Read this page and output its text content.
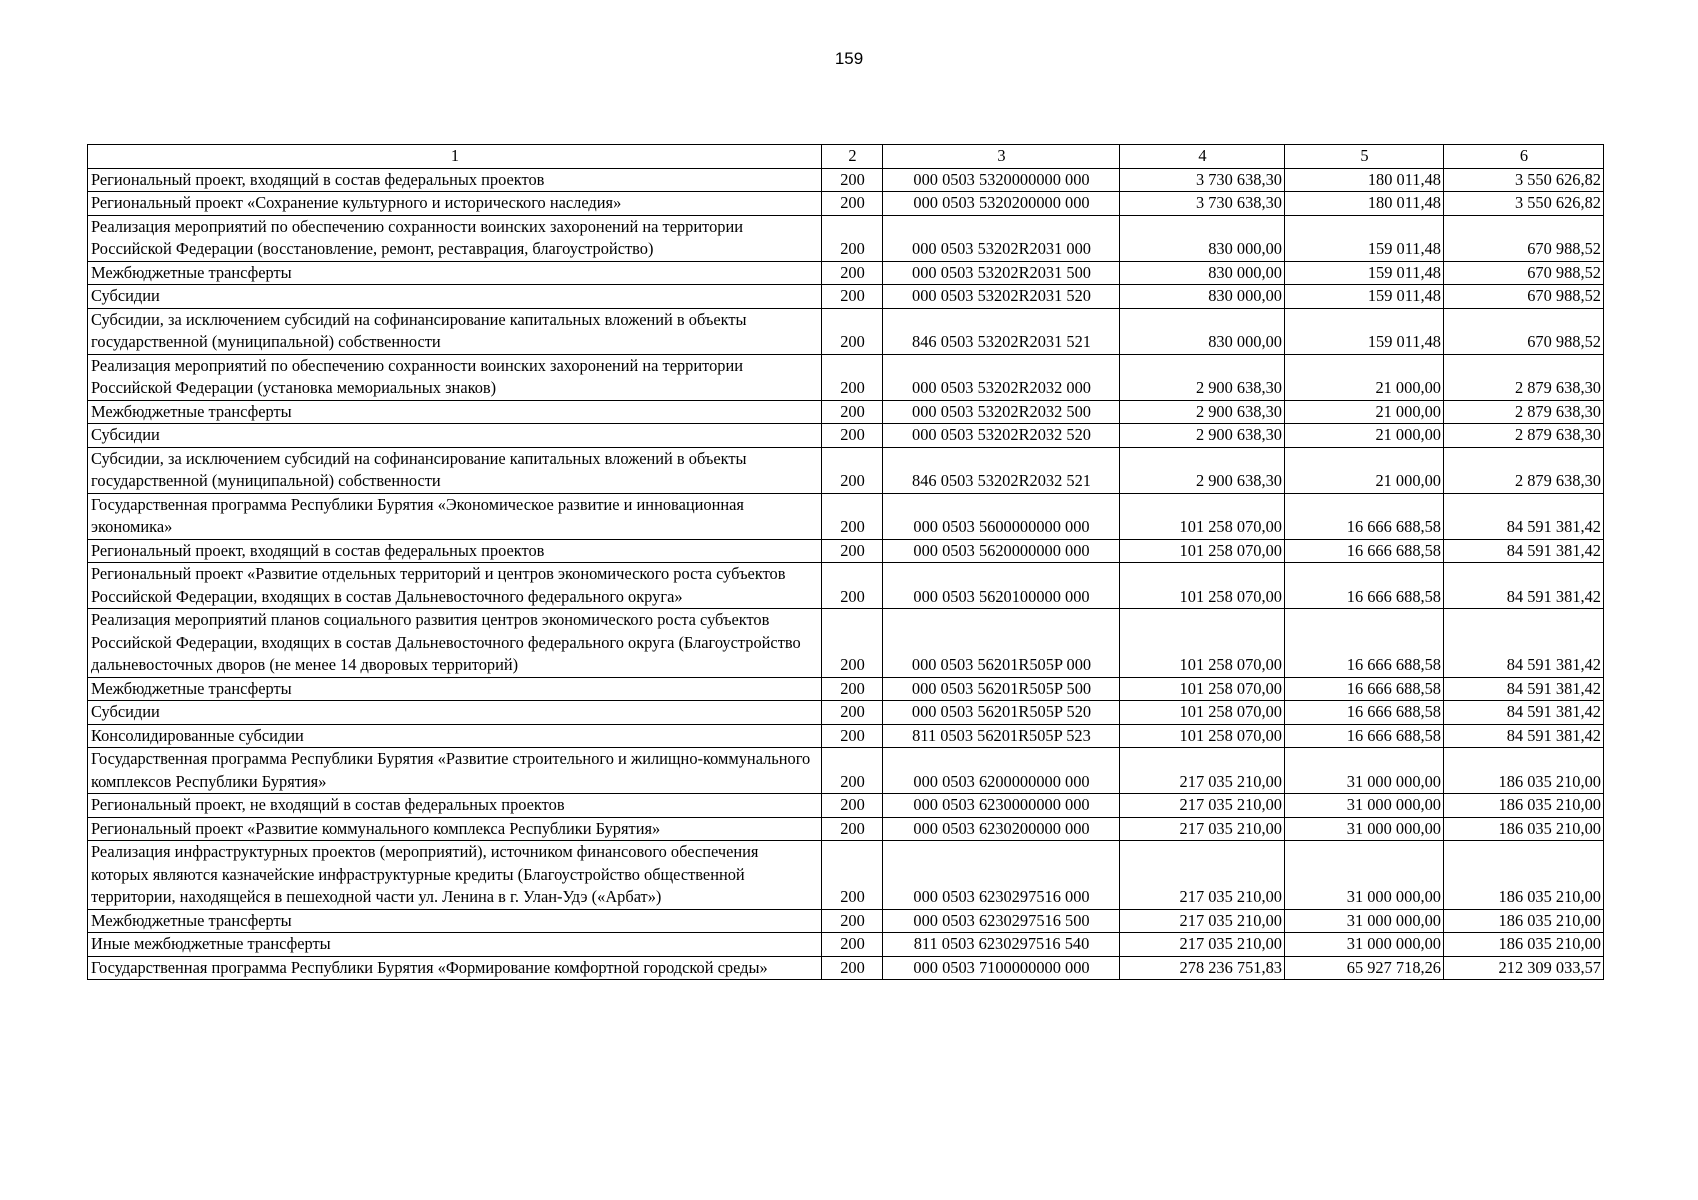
159
1	2	3	4	5	6
Региональный проект, входящий в состав федеральных проектов	200	000 0503 5320000000 000	3 730 638,30	180 011,48	3 550 626,82
Региональный проект «Сохранение культурного и исторического наследия»	200	000 0503 5320200000 000	3 730 638,30	180 011,48	3 550 626,82
Реализация мероприятий по обеспечению сохранности воинских захоронений на территории Российской Федерации (восстановление, ремонт, реставрация, благоустройство)	200	000 0503 53202R2031 000	830 000,00	159 011,48	670 988,52
Межбюджетные трансферты	200	000 0503 53202R2031 500	830 000,00	159 011,48	670 988,52
Субсидии	200	000 0503 53202R2031 520	830 000,00	159 011,48	670 988,52
Субсидии, за исключением субсидий на софинансирование капитальных вложений в объекты государственной (муниципальной) собственности	200	846 0503 53202R2031 521	830 000,00	159 011,48	670 988,52
Реализация мероприятий по обеспечению сохранности воинских захоронений на территории Российской Федерации (установка мемориальных знаков)	200	000 0503 53202R2032 000	2 900 638,30	21 000,00	2 879 638,30
Межбюджетные трансферты	200	000 0503 53202R2032 500	2 900 638,30	21 000,00	2 879 638,30
Субсидии	200	000 0503 53202R2032 520	2 900 638,30	21 000,00	2 879 638,30
Субсидии, за исключением субсидий на софинансирование капитальных вложений в объекты государственной (муниципальной) собственности	200	846 0503 53202R2032 521	2 900 638,30	21 000,00	2 879 638,30
Государственная программа Республики Бурятия «Экономическое развитие и инновационная экономика»	200	000 0503 5600000000 000	101 258 070,00	16 666 688,58	84 591 381,42
Региональный проект, входящий в состав федеральных проектов	200	000 0503 5620000000 000	101 258 070,00	16 666 688,58	84 591 381,42
Региональный проект «Развитие отдельных территорий и центров экономического роста субъектов Российской Федерации, входящих в состав Дальневосточного федерального округа»	200	000 0503 5620100000 000	101 258 070,00	16 666 688,58	84 591 381,42
Реализация мероприятий планов социального развития центров экономического роста субъектов Российской Федерации, входящих в состав Дальневосточного федерального округа (Благоустройство дальневосточных дворов (не менее 14 дворовых территорий)	200	000 0503 56201R505P 000	101 258 070,00	16 666 688,58	84 591 381,42
Межбюджетные трансферты	200	000 0503 56201R505P 500	101 258 070,00	16 666 688,58	84 591 381,42
Субсидии	200	000 0503 56201R505P 520	101 258 070,00	16 666 688,58	84 591 381,42
Консолидированные субсидии	200	811 0503 56201R505P 523	101 258 070,00	16 666 688,58	84 591 381,42
Государственная программа Республики Бурятия «Развитие строительного и жилищно-коммунального комплексов Республики Бурятия»	200	000 0503 6200000000 000	217 035 210,00	31 000 000,00	186 035 210,00
Региональный проект, не входящий в состав федеральных проектов	200	000 0503 6230000000 000	217 035 210,00	31 000 000,00	186 035 210,00
Региональный проект «Развитие коммунального комплекса Республики Бурятия»	200	000 0503 6230200000 000	217 035 210,00	31 000 000,00	186 035 210,00
Реализация инфраструктурных проектов (мероприятий), источником финансового обеспечения которых являются казначейские инфраструктурные кредиты (Благоустройство общественной территории, находящейся в пешеходной части ул. Ленина в г. Улан-Удэ («Арбат»)	200	000 0503 6230297516 000	217 035 210,00	31 000 000,00	186 035 210,00
Межбюджетные трансферты	200	000 0503 6230297516 500	217 035 210,00	31 000 000,00	186 035 210,00
Иные межбюджетные трансферты	200	811 0503 6230297516 540	217 035 210,00	31 000 000,00	186 035 210,00
Государственная программа Республики Бурятия «Формирование комфортной городской среды»	200	000 0503 7100000000 000	278 236 751,83	65 927 718,26	212 309 033,57
